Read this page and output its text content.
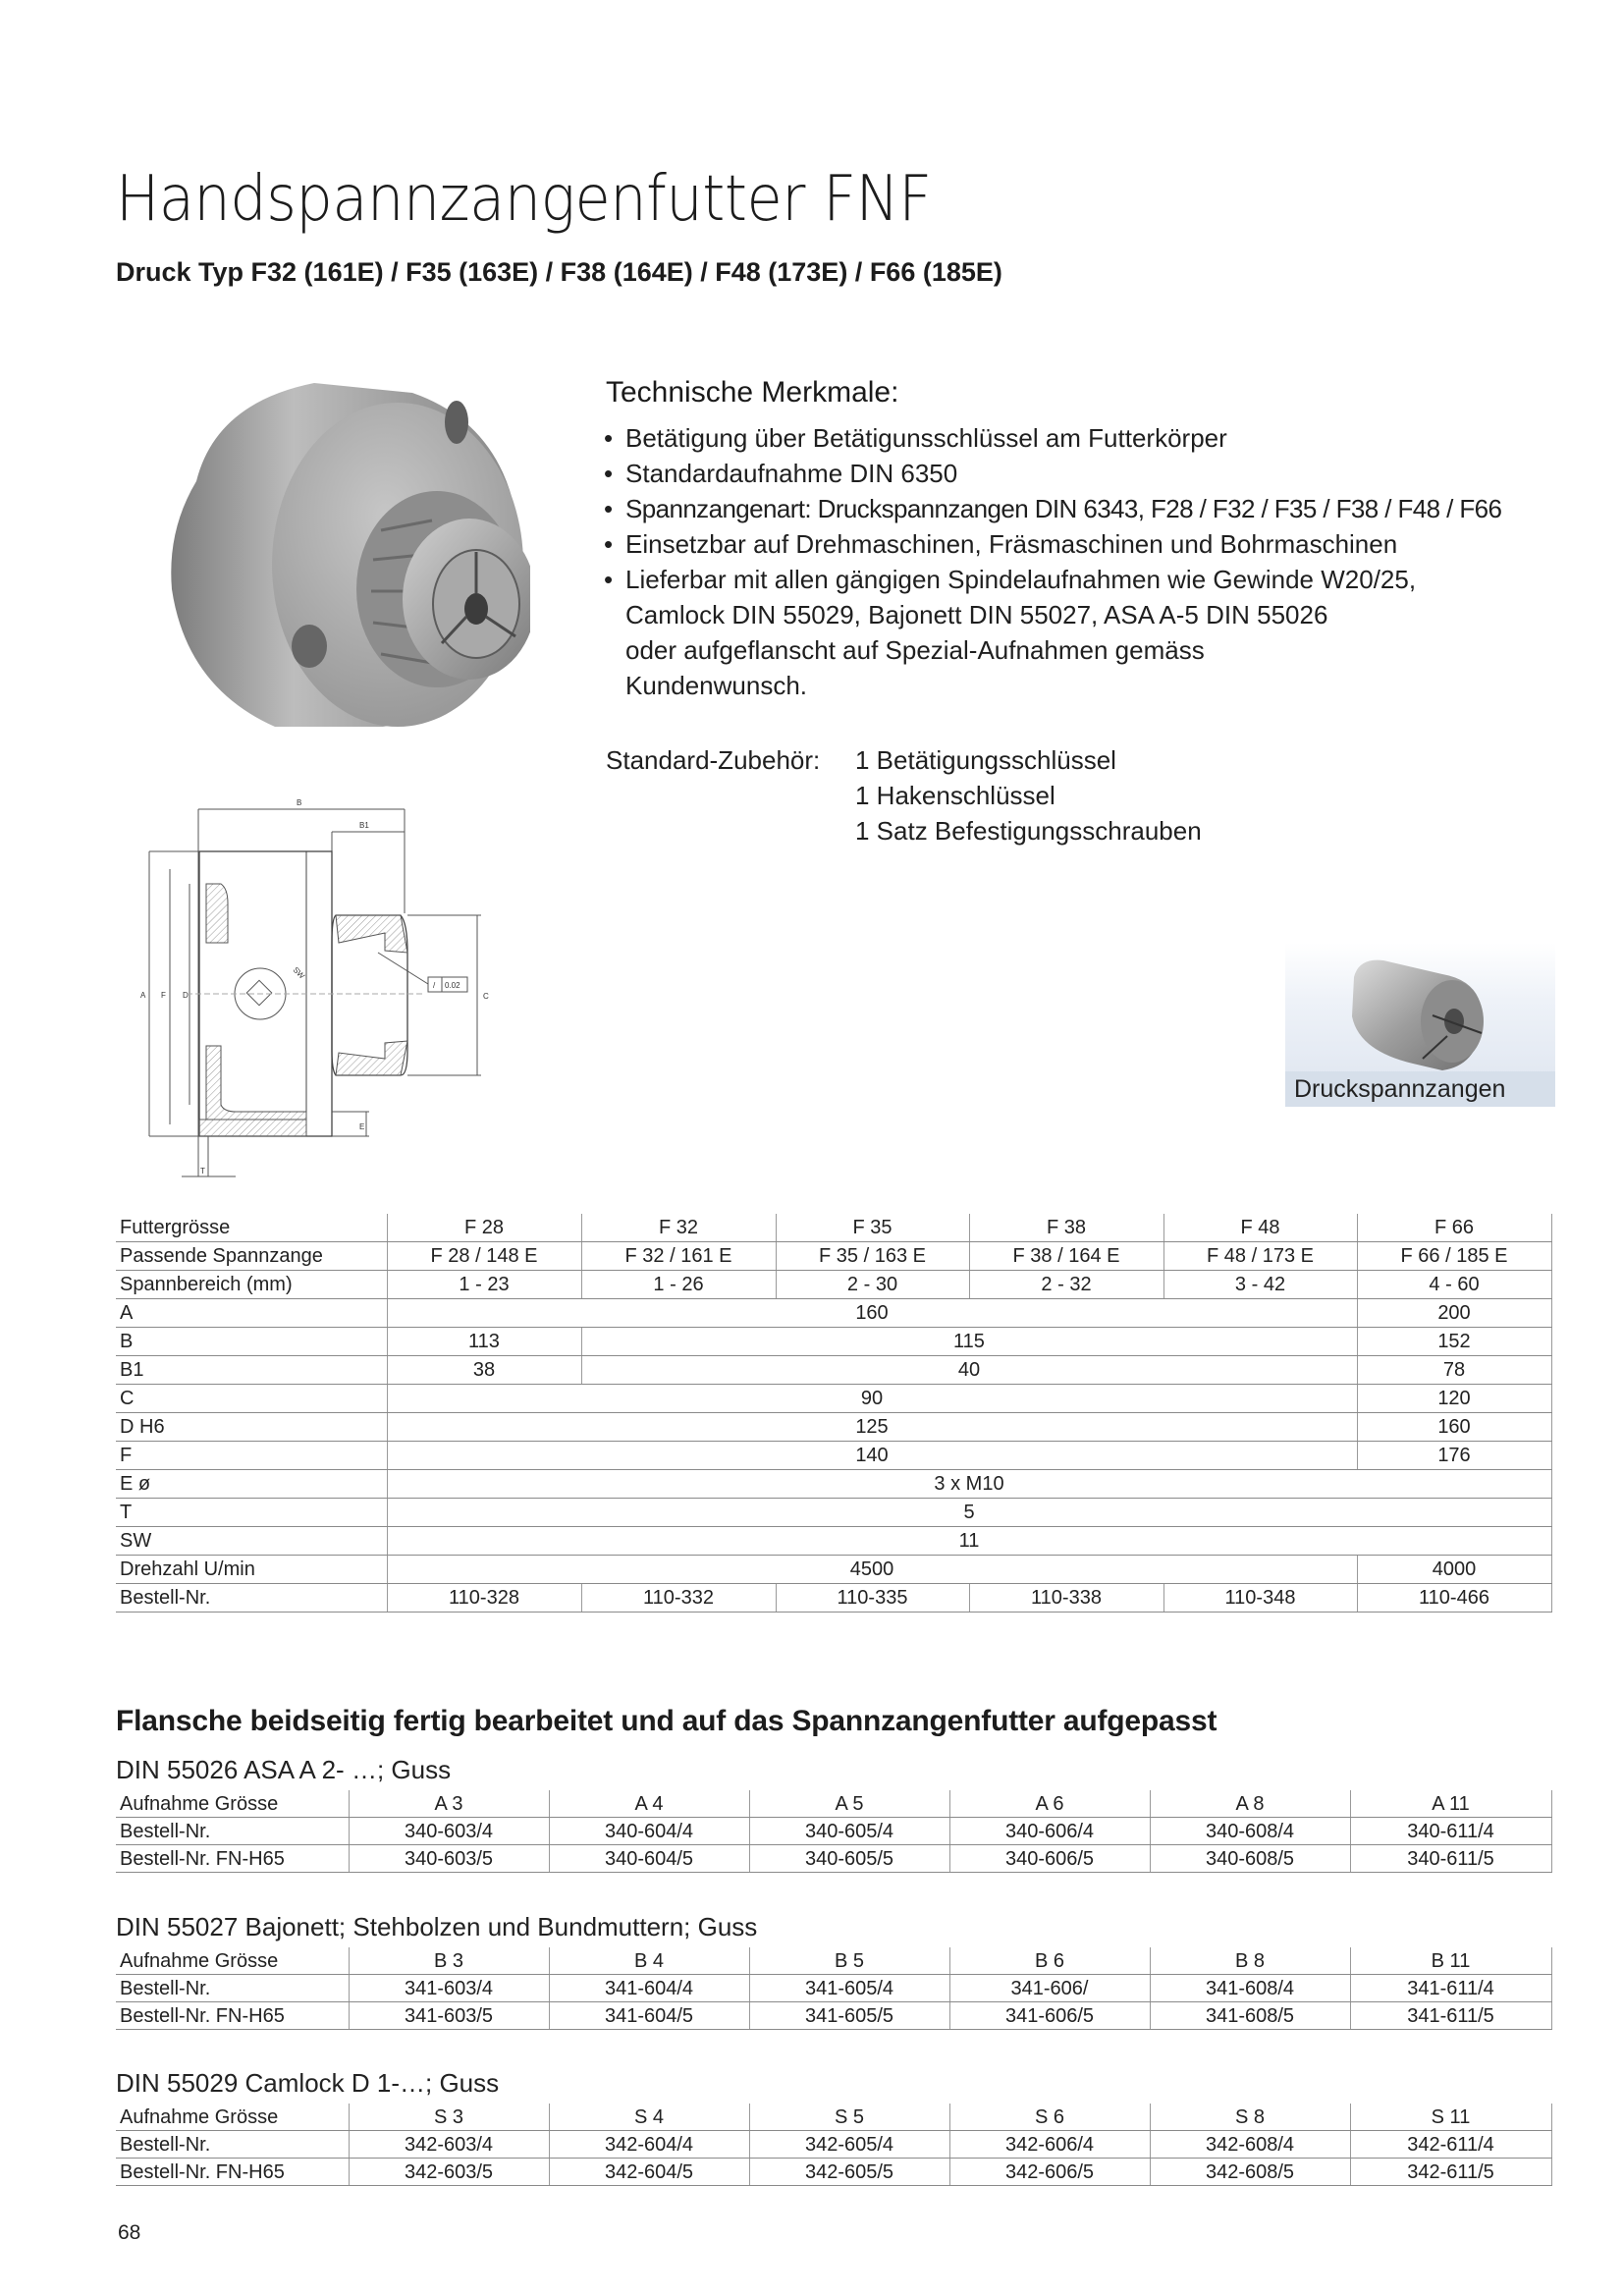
Handspannzangenfutter FNF
Druck Typ F32 (161E) / F35 (163E) / F38 (164E) / F48 (173E) / F66 (185E)
Technische Merkmale:
• Betätigung über Betätigunsschlüssel am Futterkörper
• Standardaufnahme DIN 6350
• Spannzangenart: Druckspannzangen DIN 6343, F28 / F32 / F35 / F38 / F48 / F66
• Einsetzbar auf Drehmaschinen, Fräsmaschinen und Bohrmaschinen
• Lieferbar mit allen gängigen Spindelaufnahmen wie Gewinde W20/25,
Camlock DIN 55029, Bajonett DIN 55027, ASA A-5 DIN 55026
oder aufgeflanscht auf Spezial-Aufnahmen gemäss
Kundenwunsch.
Standard-Zubehör: 1 Betätigungsschlüssel
1 Hakenschlüssel
1 Satz Befestigungsschrauben
B
B1
SW
/ 0.02
C
A F D
E
T
Druckspannzangen
Futtergrösse	F 28	F 32	F 35	F 38	F 48	F 66
Passende Spannzange	F 28 / 148 E	F 32 / 161 E	F 35 / 163 E	F 38 / 164 E	F 48 / 173 E	F 66 / 185 E
Spannbereich (mm)	1 - 23	1 - 26	2 - 30	2 - 32	3 - 42	4 - 60
A	160					200
B	113	115				152
B1	38	40				78
C	90					120
D H6	125					160
F	140					176
E ø	3 x M10					
T	5					
SW	11					
Drehzahl U/min	4500					4000
Bestell-Nr.	110-328	110-332	110-335	110-338	110-348	110-466
Flansche beidseitig fertig bearbeitet und auf das Spannzangenfutter aufgepasst
DIN 55026 ASA A 2- …; Guss
Aufnahme Grösse	A 3	A 4	A 5	A 6	A 8	A 11
Bestell-Nr.	340-603/4	340-604/4	340-605/4	340-606/4	340-608/4	340-611/4
Bestell-Nr. FN-H65	340-603/5	340-604/5	340-605/5	340-606/5	340-608/5	340-611/5
DIN 55027 Bajonett; Stehbolzen und Bundmuttern; Guss
Aufnahme Grösse	B 3	B 4	B 5	B 6	B 8	B 11
Bestell-Nr.	341-603/4	341-604/4	341-605/4	341-606/	341-608/4	341-611/4
Bestell-Nr. FN-H65	341-603/5	341-604/5	341-605/5	341-606/5	341-608/5	341-611/5
DIN 55029 Camlock D 1-…; Guss
Aufnahme Grösse	S 3	S 4	S 5	S 6	S 8	S 11
Bestell-Nr.	342-603/4	342-604/4	342-605/4	342-606/4	342-608/4	342-611/4
Bestell-Nr. FN-H65	342-603/5	342-604/5	342-605/5	342-606/5	342-608/5	342-611/5
68
